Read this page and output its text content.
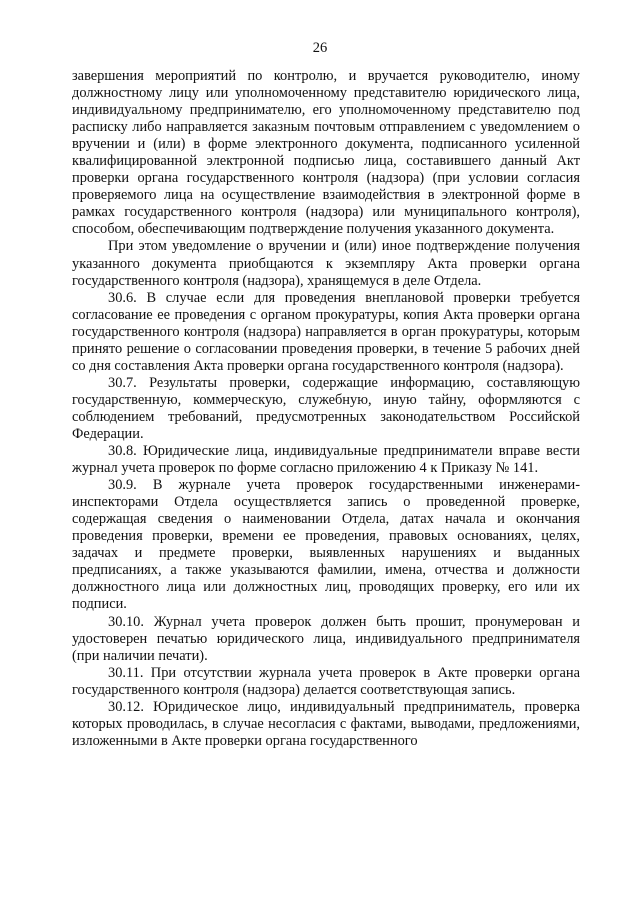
26

завершения мероприятий по контролю, и вручается руководителю, иному должностному лицу или уполномоченному представителю юридического лица, индивидуальному предпринимателю, его уполномоченному представителю под расписку либо направляется заказным почтовым отправлением с уведомлением о вручении и (или) в форме электронного документа, подписанного усиленной квалифицированной электронной подписью лица, составившего данный Акт проверки органа государственного контроля (надзора) (при условии согласия проверяемого лица на осуществление взаимодействия в электронной форме в рамках государственного контроля (надзора) или муниципального контроля), способом, обеспечивающим подтверждение получения указанного документа.

При этом уведомление о вручении и (или) иное подтверждение получения указанного документа приобщаются к экземпляру Акта проверки органа государственного контроля (надзора), хранящемуся в деле Отдела.

30.6. В случае если для проведения внеплановой проверки требуется согласование ее проведения с органом прокуратуры, копия Акта проверки органа государственного контроля (надзора) направляется в орган прокуратуры, которым принято решение о согласовании проведения проверки, в течение 5 рабочих дней со дня составления Акта проверки органа государственного контроля (надзора).

30.7. Результаты проверки, содержащие информацию, составляющую государственную, коммерческую, служебную, иную тайну, оформляются с соблюдением требований, предусмотренных законодательством Российской Федерации.

30.8. Юридические лица, индивидуальные предприниматели вправе вести журнал учета проверок по форме согласно приложению 4 к Приказу № 141.

30.9. В журнале учета проверок государственными инженерами-инспекторами Отдела осуществляется запись о проведенной проверке, содержащая сведения о наименовании Отдела, датах начала и окончания проведения проверки, времени ее проведения, правовых основаниях, целях, задачах и предмете проверки, выявленных нарушениях и выданных предписаниях, а также указываются фамилии, имена, отчества и должности должностного лица или должностных лиц, проводящих проверку, его или их подписи.

30.10. Журнал учета проверок должен быть прошит, пронумерован и удостоверен печатью юридического лица, индивидуального предпринимателя (при наличии печати).

30.11. При отсутствии журнала учета проверок в Акте проверки органа государственного контроля (надзора) делается соответствующая запись.

30.12. Юридическое лицо, индивидуальный предприниматель, проверка которых проводилась, в случае несогласия с фактами, выводами, предложениями, изложенными в Акте проверки органа государственного
